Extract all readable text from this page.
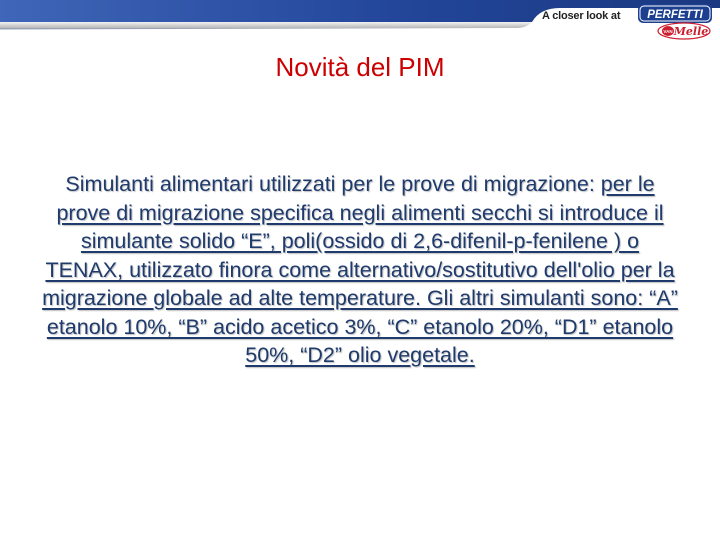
A closer look at PERFETTI
VAN Melle
Novità del PIM
Simulanti alimentari utilizzati per le prove di migrazione: per le prove di migrazione specifica negli alimenti secchi si introduce il simulante solido “E”, poli(ossido di 2,6-difenil-p-fenilene ) o TENAX, utilizzato finora come alternativo/sostitutivo dell'olio per la migrazione globale ad alte temperature. Gli altri simulanti sono: “A” etanolo 10%, “B” acido acetico 3%, “C” etanolo 20%, “D1” etanolo 50%, “D2” olio vegetale.
